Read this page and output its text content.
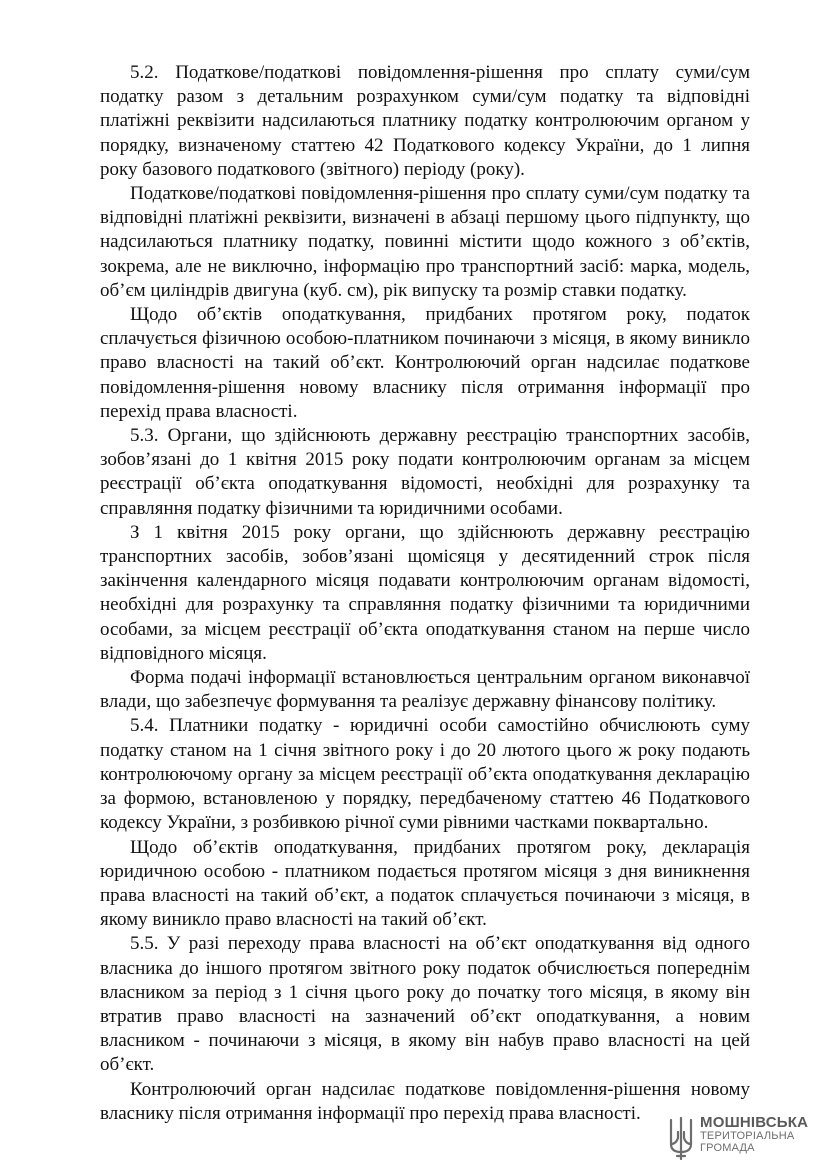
5.2. Податкове/податкові повідомлення-рішення про сплату суми/сум податку разом з детальним розрахунком суми/сум податку та відповідні платіжні реквізити надсилаються платнику податку контролюючим органом у порядку, визначеному статтею 42 Податкового кодексу України, до 1 липня року базового податкового (звітного) періоду (року).

Податкове/податкові повідомлення-рішення про сплату суми/сум податку та відповідні платіжні реквізити, визначені в абзаці першому цього підпункту, що надсилаються платнику податку, повинні містити щодо кожного з об’єктів, зокрема, але не виключно, інформацію про транспортний засіб: марка, модель, об’єм циліндрів двигуна (куб. см), рік випуску та розмір ставки податку.

Щодо об’єктів оподаткування, придбаних протягом року, податок сплачується фізичною особою-платником починаючи з місяця, в якому виникло право власності на такий об’єкт. Контролюючий орган надсилає податкове повідомлення-рішення новому власнику після отримання інформації про перехід права власності.

5.3. Органи, що здійснюють державну реєстрацію транспортних засобів, зобов’язані до 1 квітня 2015 року подати контролюючим органам за місцем реєстрації об’єкта оподаткування відомості, необхідні для розрахунку та справляння податку фізичними та юридичними особами.

З 1 квітня 2015 року органи, що здійснюють державну реєстрацію транспортних засобів, зобов’язані щомісяця у десятиденний строк після закінчення календарного місяця подавати контролюючим органам відомості, необхідні для розрахунку та справляння податку фізичними та юридичними особами, за місцем реєстрації об’єкта оподаткування станом на перше число відповідного місяця.

Форма подачі інформації встановлюється центральним органом виконавчої влади, що забезпечує формування та реалізує державну фінансову політику.

5.4. Платники податку - юридичні особи самостійно обчислюють суму податку станом на 1 січня звітного року і до 20 лютого цього ж року подають контролюючому органу за місцем реєстрації об’єкта оподаткування декларацію за формою, встановленою у порядку, передбаченому статтею 46 Податкового кодексу України, з розбивкою річної суми рівними частками поквартально.

Щодо об’єктів оподаткування, придбаних протягом року, декларація юридичною особою - платником подається протягом місяця з дня виникнення права власності на такий об’єкт, а податок сплачується починаючи з місяця, в якому виникло право власності на такий об’єкт.

5.5. У разі переходу права власності на об’єкт оподаткування від одного власника до іншого протягом звітного року податок обчислюється попереднім власником за період з 1 січня цього року до початку того місяця, в якому він втратив право власності на зазначений об’єкт оподаткування, а новим власником - починаючи з місяця, в якому він набув право власності на цей об’єкт.

Контролюючий орган надсилає податкове повідомлення-рішення новому власнику після отримання інформації про перехід права власності.	МОШНІВСЬКА
ТЕРИТОРІАЛЬНА
ГРОМАДА
